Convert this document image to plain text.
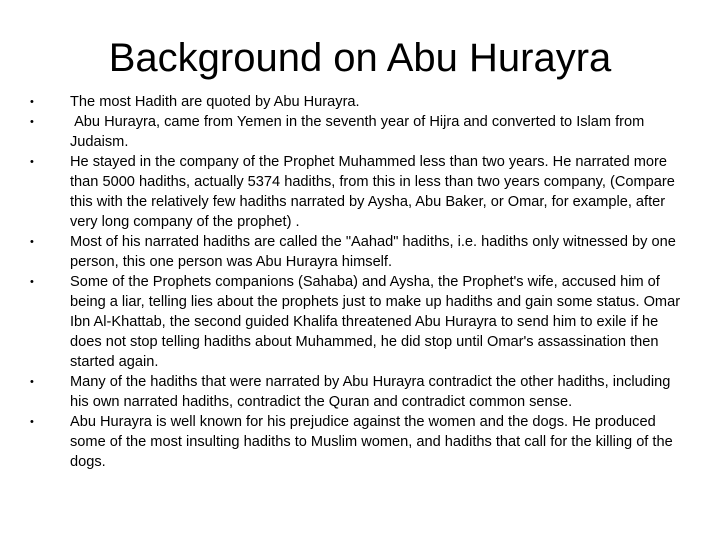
Background on Abu Hurayra
• The most Hadith are quoted by Abu Hurayra.
• Abu Hurayra, came from Yemen in the seventh year of Hijra and converted to Islam from Judaism.
• He stayed in the company of the Prophet Muhammed less than two years. He narrated more than 5000 hadiths, actually 5374 hadiths, from this in less than two years company, (Compare this with the relatively few hadiths narrated by Aysha, Abu Baker, or Omar, for example, after very long company of the prophet) .
• Most of his narrated hadiths are called the "Aahad" hadiths, i.e. hadiths only witnessed by one person, this one person was Abu Hurayra himself.
• Some of the Prophets companions (Sahaba) and Aysha, the Prophet's wife, accused him of being a liar, telling lies about the prophets just to make up hadiths and gain some status. Omar Ibn Al-Khattab, the second guided Khalifa threatened Abu Hurayra to send him to exile if he does not stop telling hadiths about Muhammed, he did stop until Omar's assassination then started again.
• Many of the hadiths that were narrated by Abu Hurayra contradict the other hadiths, including his own narrated hadiths, contradict the Quran and contradict common sense.
• Abu Hurayra is well known for his prejudice against the women and the dogs. He produced some of the most insulting hadiths to Muslim women, and hadiths that call for the killing of the dogs.
